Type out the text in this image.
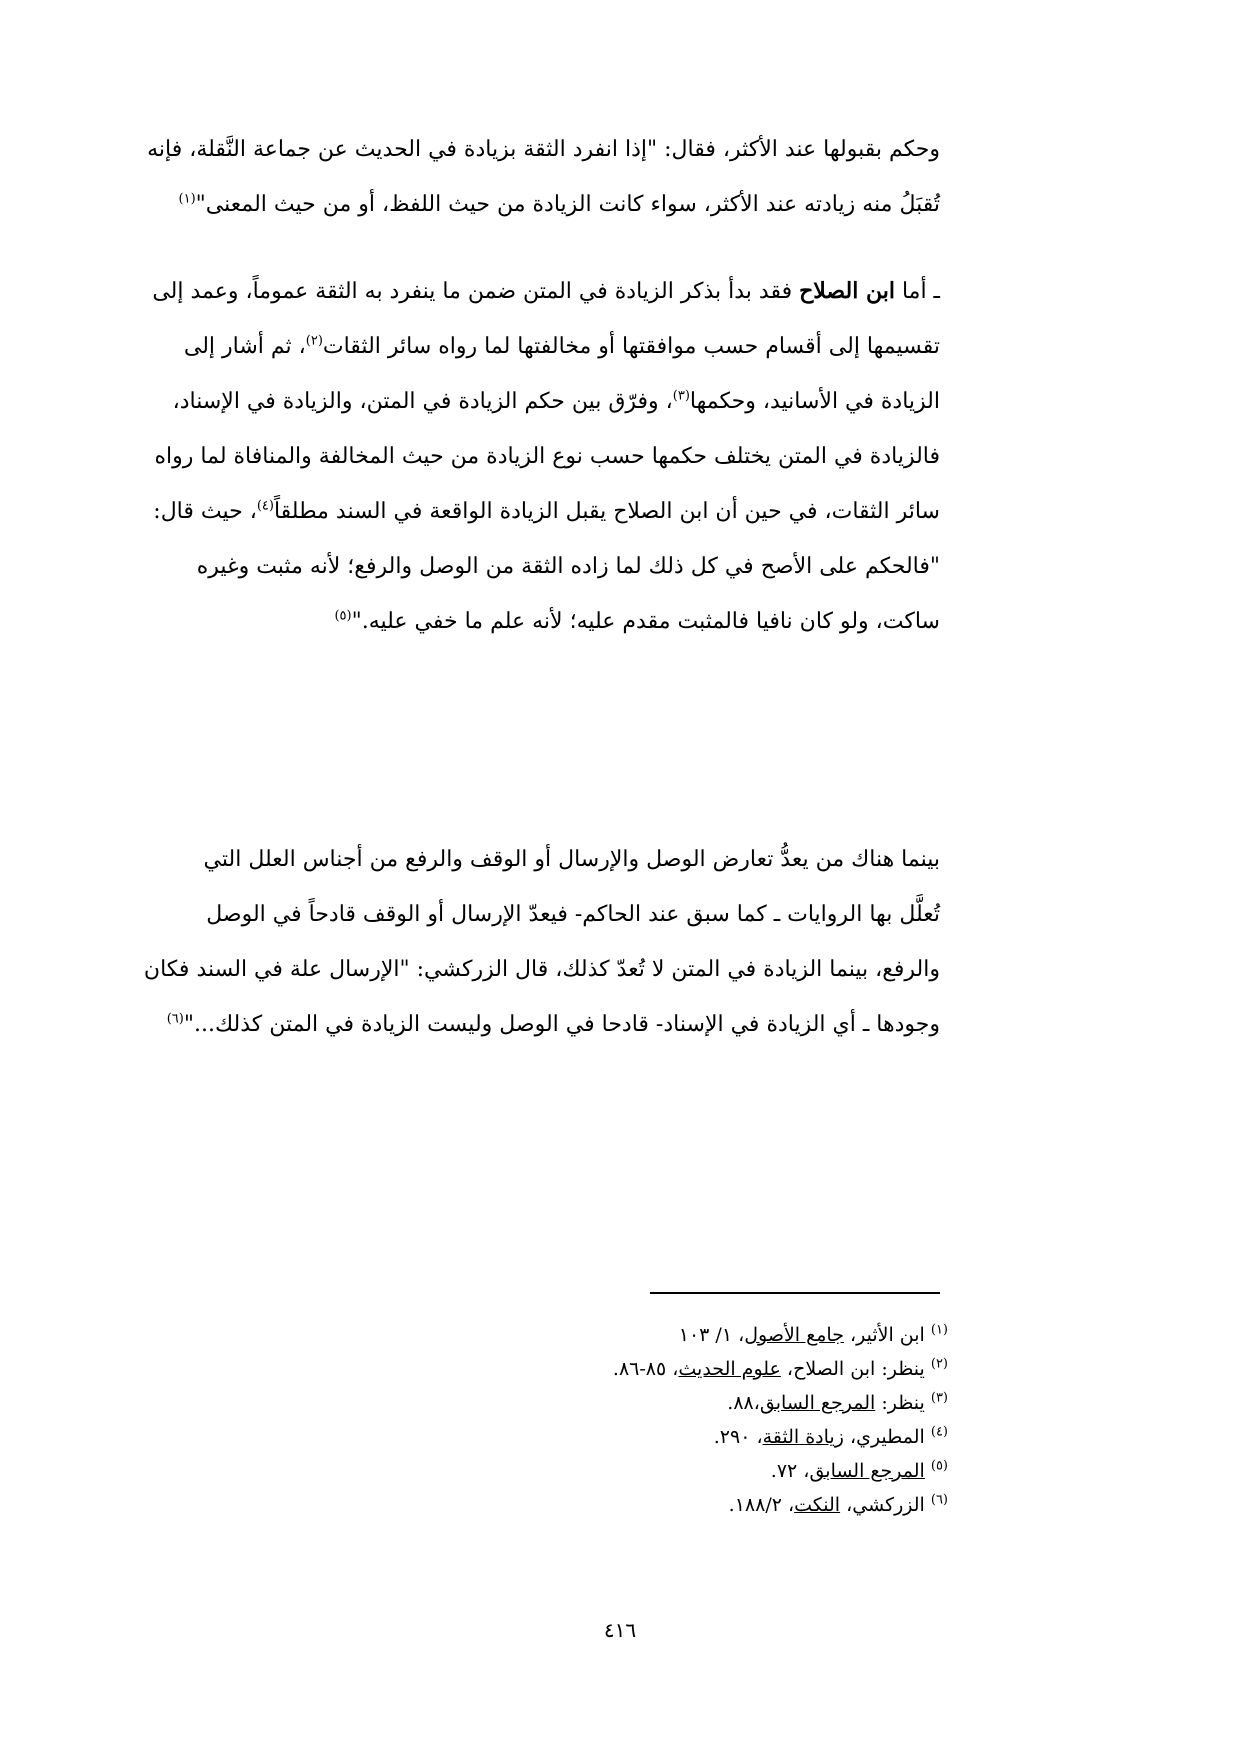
وحكم بقبولها عند الأكثر، فقال: "إذا انفرد الثقة بزيادة في الحديث عن جماعة النَّقلة، فإنه
تُقبَلُ منه زيادته عند الأكثر، سواء كانت الزيادة من حيث اللفظ، أو من حيث المعنى"$^{(١)}$

ـ أما ابن الصلاح فقد بدأ بذكر الزيادة في المتن ضمن ما ينفرد به الثقة عموماً، وعمد إلى
تقسيمها إلى أقسام حسب موافقتها أو مخالفتها لما رواه سائر الثقات$^{(٢)}$، ثم أشار إلى
الزيادة في الأسانيد، وحكمها$^{(٣)}$، وفرّق بين حكم الزيادة في المتن، والزيادة في الإسناد،
فالزيادة في المتن يختلف حكمها حسب نوع الزيادة من حيث المخالفة والمنافاة لما رواه
سائر الثقات، في حين أن ابن الصلاح يقبل الزيادة الواقعة في السند مطلقاً$^{(٤)}$، حيث قال:
"فالحكم على الأصح في كل ذلك لما زاده الثقة من الوصل والرفع؛ لأنه مثبت وغيره
ساكت، ولو كان نافيا فالمثبت مقدم عليه؛ لأنه علم ما خفي عليه."$^{(٥)}$

بينما هناك من يعدُّ تعارض الوصل والإرسال أو الوقف والرفع من أجناس العلل التي
تُعلَّل بها الروايات ـ كما سبق عند الحاكم- فيعدّ الإرسال أو الوقف قادحاً في الوصل
والرفع، بينما الزيادة في المتن لا تُعدّ كذلك، قال الزركشي: "الإرسال علة في السند فكان
وجودها ـ أي الزيادة في الإسناد- قادحا في الوصل وليست الزيادة في المتن كذلك..."$^{(٦)}$

$^{(١)}$ ابن الأثير، جامع الأصول، ١/ ١٠٣
$^{(٢)}$ ينظر: ابن الصلاح، علوم الحديث، ٨٥-٨٦.
$^{(٣)}$ ينظر: المرجع السابق،٨٨.
$^{(٤)}$ المطيري، زيادة الثقة، ٢٩٠.
$^{(٥)}$ المرجع السابق، ٧٢.
$^{(٦)}$ الزركشي، النكت، ١٨٨/٢.
٤١٦
